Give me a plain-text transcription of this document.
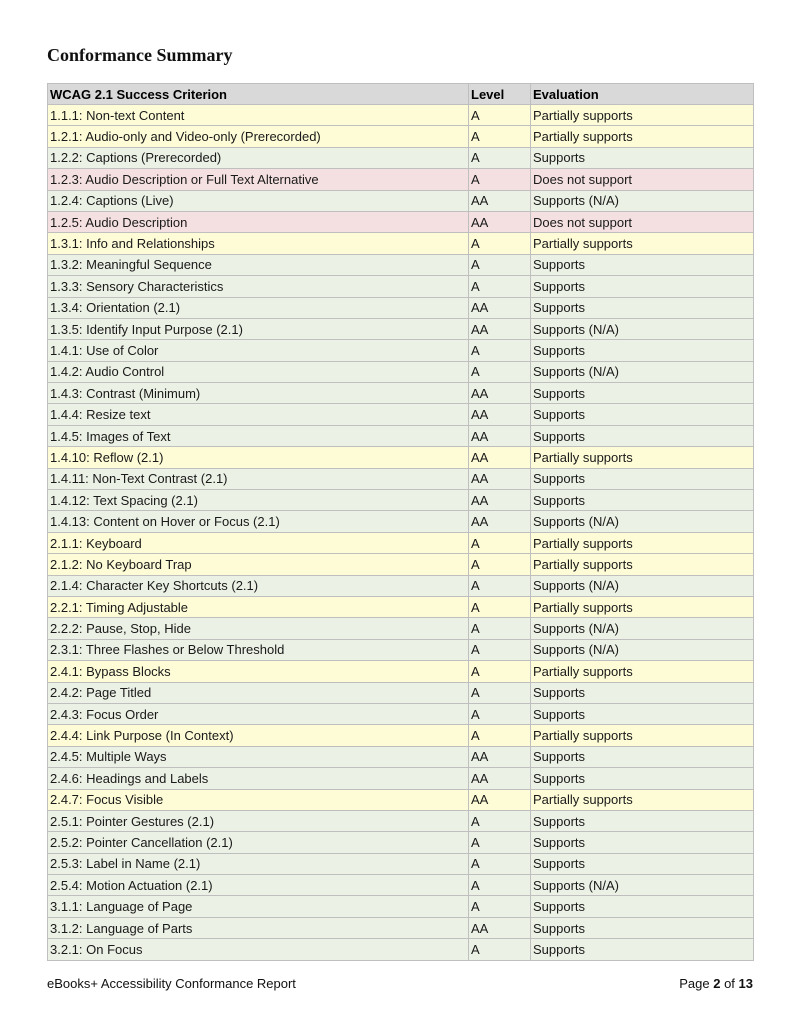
Conformance Summary
WCAG 2.1 Success Criterion	Level	Evaluation
1.1.1: Non-text Content	A	Partially supports
1.2.1: Audio-only and Video-only (Prerecorded)	A	Partially supports
1.2.2: Captions (Prerecorded)	A	Supports
1.2.3: Audio Description or Full Text Alternative	A	Does not support
1.2.4: Captions (Live)	AA	Supports (N/A)
1.2.5: Audio Description	AA	Does not support
1.3.1: Info and Relationships	A	Partially supports
1.3.2: Meaningful Sequence	A	Supports
1.3.3: Sensory Characteristics	A	Supports
1.3.4: Orientation (2.1)	AA	Supports
1.3.5: Identify Input Purpose (2.1)	AA	Supports (N/A)
1.4.1: Use of Color	A	Supports
1.4.2: Audio Control	A	Supports (N/A)
1.4.3: Contrast (Minimum)	AA	Supports
1.4.4: Resize text	AA	Supports
1.4.5: Images of Text	AA	Supports
1.4.10: Reflow (2.1)	AA	Partially supports
1.4.11: Non-Text Contrast (2.1)	AA	Supports
1.4.12: Text Spacing (2.1)	AA	Supports
1.4.13: Content on Hover or Focus (2.1)	AA	Supports (N/A)
2.1.1: Keyboard	A	Partially supports
2.1.2: No Keyboard Trap	A	Partially supports
2.1.4: Character Key Shortcuts (2.1)	A	Supports (N/A)
2.2.1: Timing Adjustable	A	Partially supports
2.2.2: Pause, Stop, Hide	A	Supports (N/A)
2.3.1: Three Flashes or Below Threshold	A	Supports (N/A)
2.4.1: Bypass Blocks	A	Partially supports
2.4.2: Page Titled	A	Supports
2.4.3: Focus Order	A	Supports
2.4.4: Link Purpose (In Context)	A	Partially supports
2.4.5: Multiple Ways	AA	Supports
2.4.6: Headings and Labels	AA	Supports
2.4.7: Focus Visible	AA	Partially supports
2.5.1: Pointer Gestures (2.1)	A	Supports
2.5.2: Pointer Cancellation (2.1)	A	Supports
2.5.3: Label in Name (2.1)	A	Supports
2.5.4: Motion Actuation (2.1)	A	Supports (N/A)
3.1.1: Language of Page	A	Supports
3.1.2: Language of Parts	AA	Supports
3.2.1: On Focus	A	Supports
eBooks+ Accessibility Conformance Report	Page 2 of 13
